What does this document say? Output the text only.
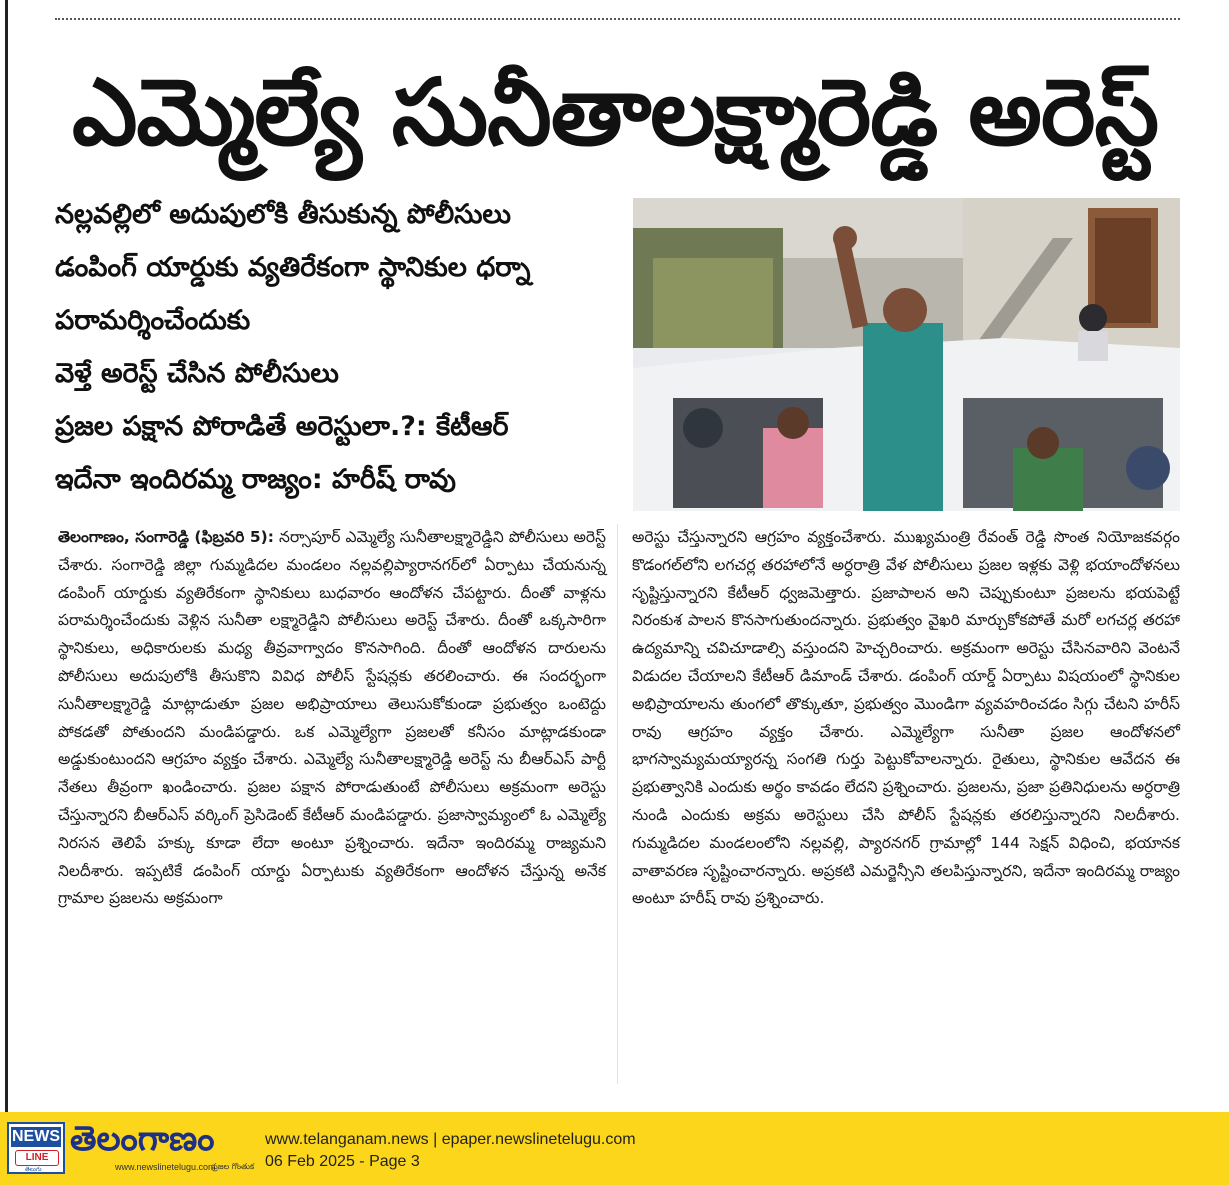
ఎమ్మెల్యే సునీతాలక్ష్మారెడ్డి అరెస్ట్
నల్లవల్లిలో అదుపులోకి తీసుకున్న పోలీసులు
డంపింగ్ యార్డుకు వ్యతిరేకంగా స్థానికుల ధర్నా
పరామర్శించేందుకు
వెళ్తే అరెస్ట్ చేసిన పోలీసులు
ప్రజల పక్షాన పోరాడితే అరెస్టులా.?: కేటీఆర్
ఇదేనా ఇందిరమ్మ రాజ్యం: హరీష్ రావు
తెలంగాణం, సంగారెడ్డి (ఫిబ్రవరి 5): నర్సాపూర్ ఎమ్మెల్యే సునీతాలక్ష్మారెడ్డిని పోలీసులు అరెస్ట్ చేశారు. సంగారెడ్డి జిల్లా గుమ్మడిదల మండలం నల్లవల్లిప్యారానగర్‌లో ఏర్పాటు చేయనున్న డంపింగ్ యార్డుకు వ్యతిరేకంగా స్థానికులు బుధవారం ఆందోళన చేపట్టారు. దీంతో వాళ్లను పరామర్శించేందుకు వెళ్లిన సునీతా లక్ష్మారెడ్డిని పోలీసులు అరెస్ట్ చేశారు. దీంతో ఒక్కసారిగా స్థానికులు, అధికారులకు మధ్య తీవ్రవాగ్వాదం కొనసాగింది. దీంతో ఆందోళన దారులను పోలీసులు అదుపులోకి తీసుకొని వివిధ పోలీస్ స్టేషన్లకు తరలించారు. ఈ సందర్భంగా సునీతాలక్ష్మారెడ్డి మాట్లాడుతూ ప్రజల అభిప్రాయాలు తెలుసుకోకుండా ప్రభుత్వం ఒంటెద్దు పోకడతో పోతుందని మండిపడ్డారు. ఒక ఎమ్మెల్యేగా ప్రజలతో కనీసం మాట్లాడకుండా అడ్డుకుంటుందని ఆగ్రహం వ్యక్తం చేశారు. ఎమ్మెల్యే సునీతాలక్ష్మారెడ్డి అరెస్ట్ ను బీఆర్ఎస్ పార్టీ నేతలు తీవ్రంగా ఖండించారు. ప్రజల పక్షాన పోరాడుతుంటే పోలీసులు అక్రమంగా అరెస్టు చేస్తున్నారని బీఆర్ఎస్ వర్కింగ్ ప్రెసిడెంట్ కేటీఆర్ మండిపడ్డారు. ప్రజాస్వామ్యంలో ఓ ఎమ్మెల్యే నిరసన తెలిపే హక్కు కూడా లేదా అంటూ ప్రశ్నించారు. ఇదేనా ఇందిరమ్మ రాజ్యమని నిలదీశారు. ఇప్పటికే డంపింగ్ యార్డు ఏర్పాటుకు వ్యతిరేకంగా ఆందోళన చేస్తున్న అనేక గ్రామాల ప్రజలను అక్రమంగా
అరెస్టు చేస్తున్నారని ఆగ్రహం వ్యక్తంచేశారు. ముఖ్యమంత్రి రేవంత్ రెడ్డి సొంత నియోజకవర్గం కొడంగల్‌లోని లగచర్ల తరహాలోనే అర్ధరాత్రి వేళ పోలీసులు ప్రజల ఇళ్లకు వెళ్లి భయాందోళనలు సృష్టిస్తున్నారని కేటీఆర్ ధ్వజమెత్తారు. ప్రజాపాలన అని చెప్పుకుంటూ ప్రజలను భయపెట్టే నిరంకుశ పాలన కొనసాగుతుందన్నారు. ప్రభుత్వం వైఖరి మార్చుకోకపోతే మరో లగచర్ల తరహా ఉద్యమాన్ని చవిచూడాల్సి వస్తుందని హెచ్చరించారు. అక్రమంగా అరెస్టు చేసినవారిని వెంటనే విడుదల చేయాలని కేటీఆర్ డిమాండ్ చేశారు. డంపింగ్ యార్డ్ ఏర్పాటు విషయంలో స్థానికుల అభిప్రాయాలను తుంగలో తొక్కుతూ, ప్రభుత్వం మొండిగా వ్యవహరించడం సిగ్గు చేటని హరీస్ రావు ఆగ్రహం వ్యక్తం చేశారు. ఎమ్మెల్యేగా సునీతా ప్రజల ఆందోళనలో భాగస్వామ్యమయ్యారన్న సంగతి గుర్తు పెట్టుకోవాలన్నారు. రైతులు, స్థానికుల ఆవేదన ఈ ప్రభుత్వానికి ఎందుకు అర్థం కావడం లేదని ప్రశ్నించారు. ప్రజలను, ప్రజా ప్రతినిధులను అర్ధరాత్రి నుండి ఎందుకు అక్రమ అరెస్టులు చేసి పోలీస్ స్టేషన్లకు తరలిస్తున్నారని నిలదీశారు. గుమ్మడిదల మండలంలోని నల్లవల్లి, ప్యారనగర్ గ్రామాల్లో 144 సెక్షన్ విధించి, భయానక వాతావరణ సృష్టించారన్నారు. అప్రకటి ఎమర్జెన్సీని తలపిస్తున్నారని, ఇదేనా ఇందిరమ్మ రాజ్యం అంటూ హరీష్ రావు ప్రశ్నించారు.
NEWS
LINE
తెలుగు
తెలంగాణం
www.newslinetelugu.com
ప్రజల గొంతుక
www.telanganam.news | epaper.newslinetelugu.com
06 Feb 2025 - Page 3
